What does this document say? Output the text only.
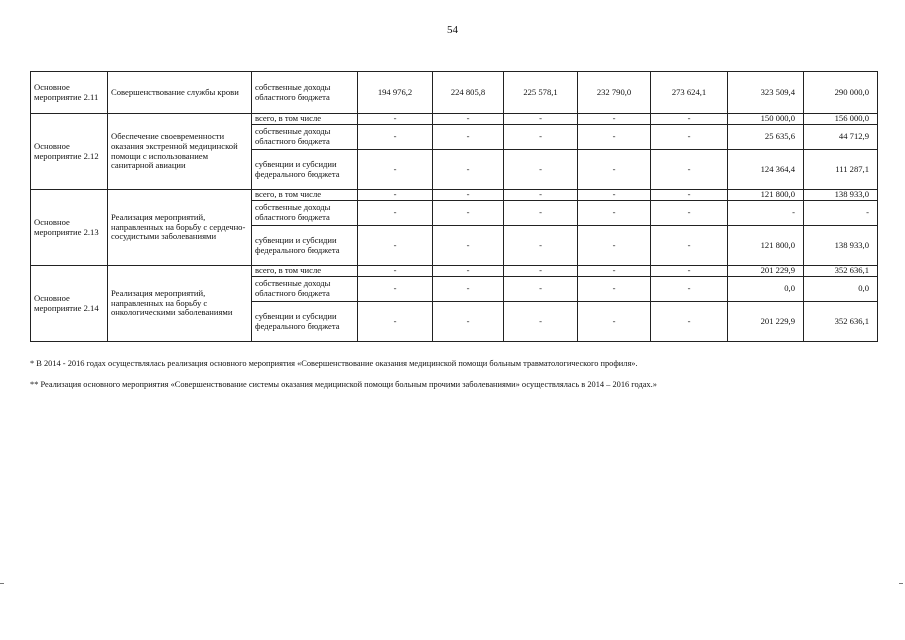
54
Основное мероприятие 2.11	Совершенствование службы крови	собственные доходы областного бюджета	194 976,2	224 805,8	225 578,1	232 790,0	273 624,1	323 509,4	290 000,0
Основное мероприятие 2.12	Обеспечение своевременности оказания экстренной медицинской помощи с использованием санитарной авиации	всего, в том числе	-	-	-	-	-	150 000,0	156 000,0
		собственные доходы областного бюджета	-	-	-	-	-	25 635,6	44 712,9
		субвенции и субсидии федерального бюджета	-	-	-	-	-	124 364,4	111 287,1
Основное мероприятие 2.13	Реализация мероприятий, направленных на борьбу с сердечно-сосудистыми заболеваниями	всего, в том числе	-	-	-	-	-	121 800,0	138 933,0
		собственные доходы областного бюджета	-	-	-	-	-	-	-
		субвенции и субсидии федерального бюджета	-	-	-	-	-	121 800,0	138 933,0
Основное мероприятие 2.14	Реализация мероприятий, направленных на борьбу с онкологическими заболеваниями	всего, в том числе	-	-	-	-	-	201 229,9	352 636,1
		собственные доходы областного бюджета	-	-	-	-	-	0,0	0,0
		субвенции и субсидии федерального бюджета	-	-	-	-	-	201 229,9	352 636,1

* В 2014 - 2016 годах осуществлялась реализация основного мероприятия «Совершенствование оказания медицинской помощи больным травматологического профиля».

** Реализация основного мероприятия «Совершенствование системы оказания медицинской помощи больным прочими заболеваниями» осуществлялась в 2014 – 2016 годах.»
